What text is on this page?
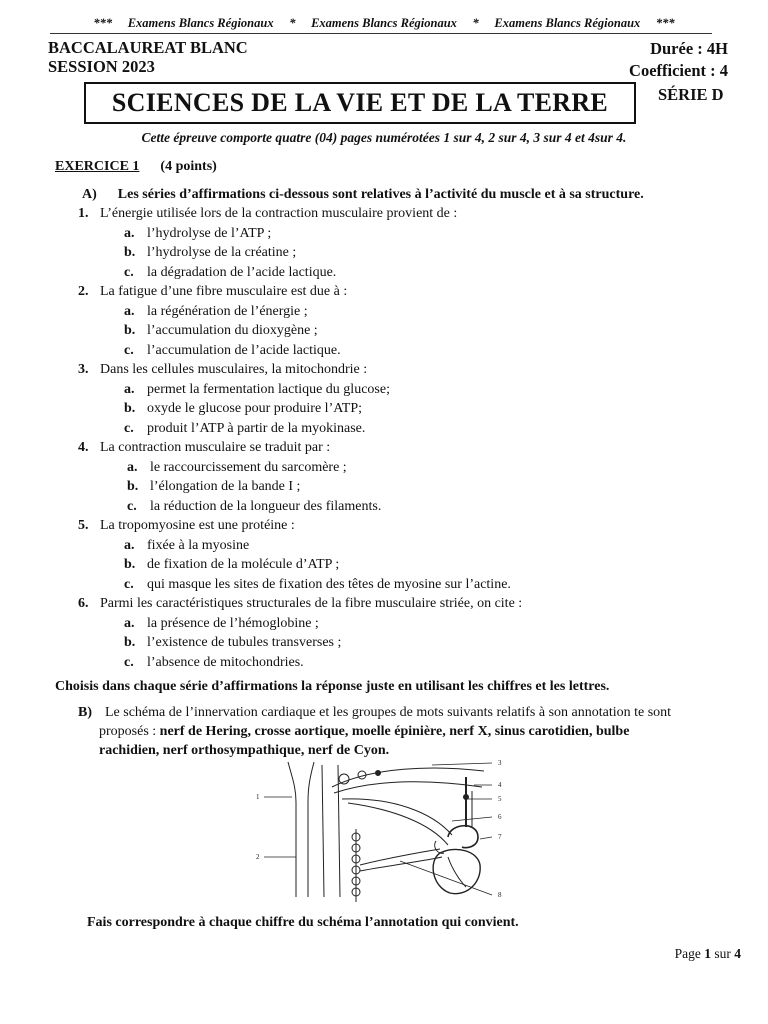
***     Examens Blancs Régionaux     *     Examens Blancs Régionaux     *     Examens Blancs Régionaux     ***
BACCALAUREAT BLANC
SESSION 2023
Durée : 4H
Coefficient : 4
SCIENCES DE LA VIE ET DE LA TERRE	SÉRIE D
Cette épreuve comporte quatre (04) pages numérotées 1 sur 4, 2 sur 4, 3 sur 4 et 4sur 4.
EXERCICE 1 (4 points)
A) Les séries d’affirmations ci-dessous sont relatives à l’activité du muscle et à sa structure.
1. L’énergie utilisée lors de la contraction musculaire provient de :
a. l’hydrolyse de l’ATP ;
b. l’hydrolyse de la créatine ;
c. la dégradation de l’acide lactique.
2. La fatigue d’une fibre musculaire est due à :
a. la régénération de l’énergie ;
b. l’accumulation du dioxygène ;
c. l’accumulation de l’acide lactique.
3. Dans les cellules musculaires, la mitochondrie :
a. permet la fermentation lactique du glucose;
b. oxyde le glucose pour produire l’ATP;
c. produit l’ATP à partir de la myokinase.
4. La contraction musculaire se traduit par :
a. le raccourcissement du sarcomère ;
b. l’élongation de la bande I ;
c. la réduction de la longueur des filaments.
5. La tropomyosine est une protéine :
a. fixée à la myosine
b. de fixation de la molécule d’ATP ;
c. qui masque les sites de fixation des têtes de myosine sur l’actine.
6. Parmi les caractéristiques structurales de la fibre musculaire striée, on cite :
a. la présence de l’hémoglobine ;
b. l’existence de tubules transverses ;
c. l’absence de mitochondries.
Choisis dans chaque série d’affirmations la réponse juste en utilisant les chiffres et les lettres.
B) Le schéma de l’innervation cardiaque et les groupes de mots suivants relatifs à son annotation te sont
proposés : nerf de Hering, crosse aortique, moelle épinière, nerf X, sinus carotidien, bulbe
rachidien, nerf orthosympathique, nerf de Cyon.
1
2
3
4
5
6
7
8
Fais correspondre à chaque chiffre du schéma l’annotation qui convient.
Page 1 sur 4
